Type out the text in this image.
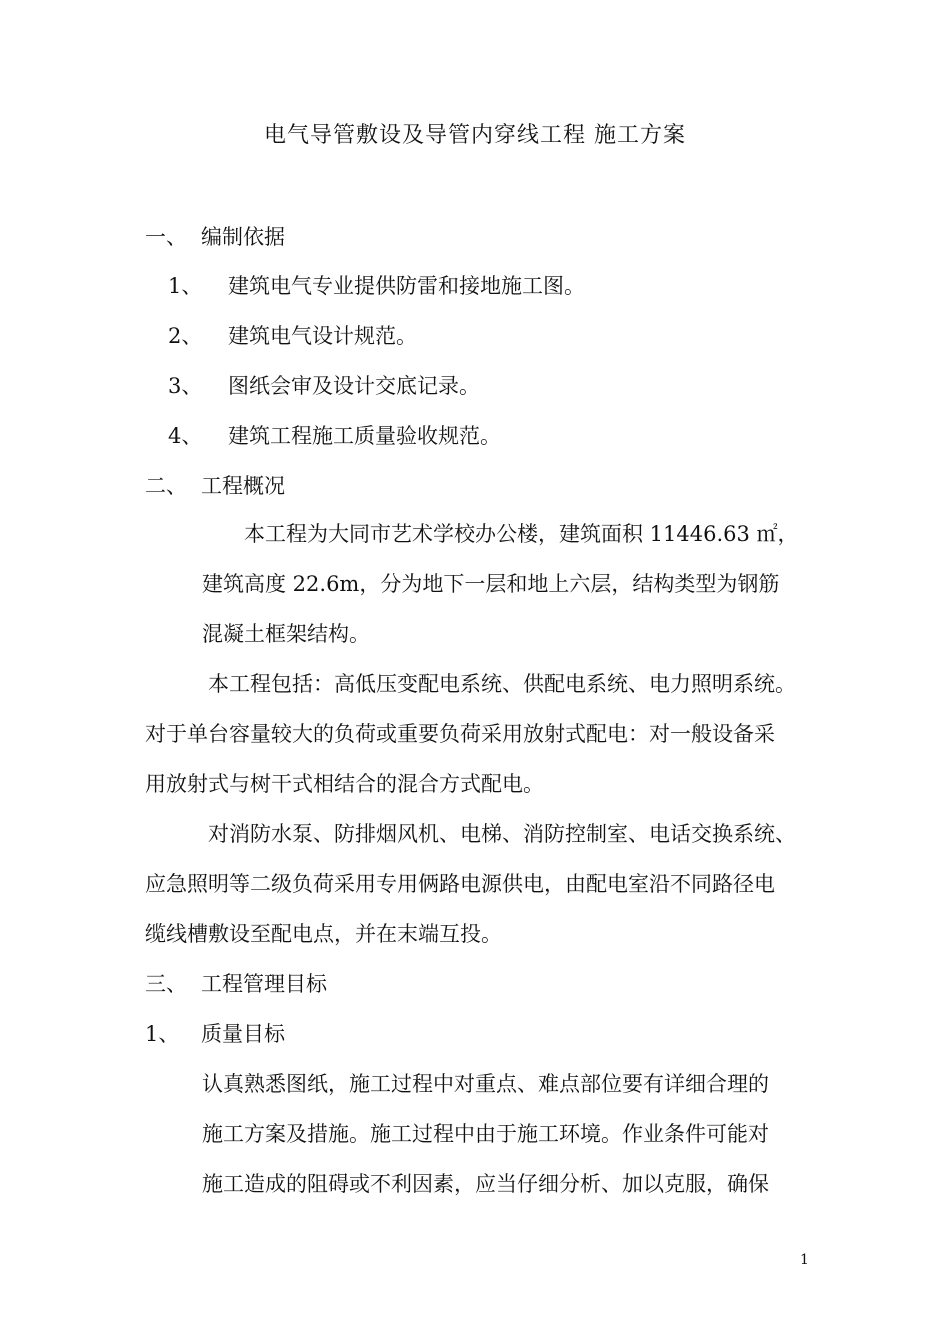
电气导管敷设及导管内穿线工程 施工方案
一、 编制依据
1、 建筑电气专业提供防雷和接地施工图。
2、 建筑电气设计规范。
3、 图纸会审及设计交底记录。
4、 建筑工程施工质量验收规范。
二、 工程概况
本工程为大同市艺术学校办公楼，建筑面积 11446.63 ㎡，
建筑高度 22.6m，分为地下一层和地上六层，结构类型为钢筋
混凝土框架结构。
本工程包括：高低压变配电系统、供配电系统、电力照明系统。
对于单台容量较大的负荷或重要负荷采用放射式配电：对一般设备采
用放射式与树干式相结合的混合方式配电。
对消防水泵、防排烟风机、电梯、消防控制室、电话交换系统、
应急照明等二级负荷采用专用俩路电源供电，由配电室沿不同路径电
缆线槽敷设至配电点，并在末端互投。
三、 工程管理目标
1、 质量目标
认真熟悉图纸，施工过程中对重点、难点部位要有详细合理的
施工方案及措施。施工过程中由于施工环境。作业条件可能对
施工造成的阻碍或不利因素，应当仔细分析、加以克服，确保
1
